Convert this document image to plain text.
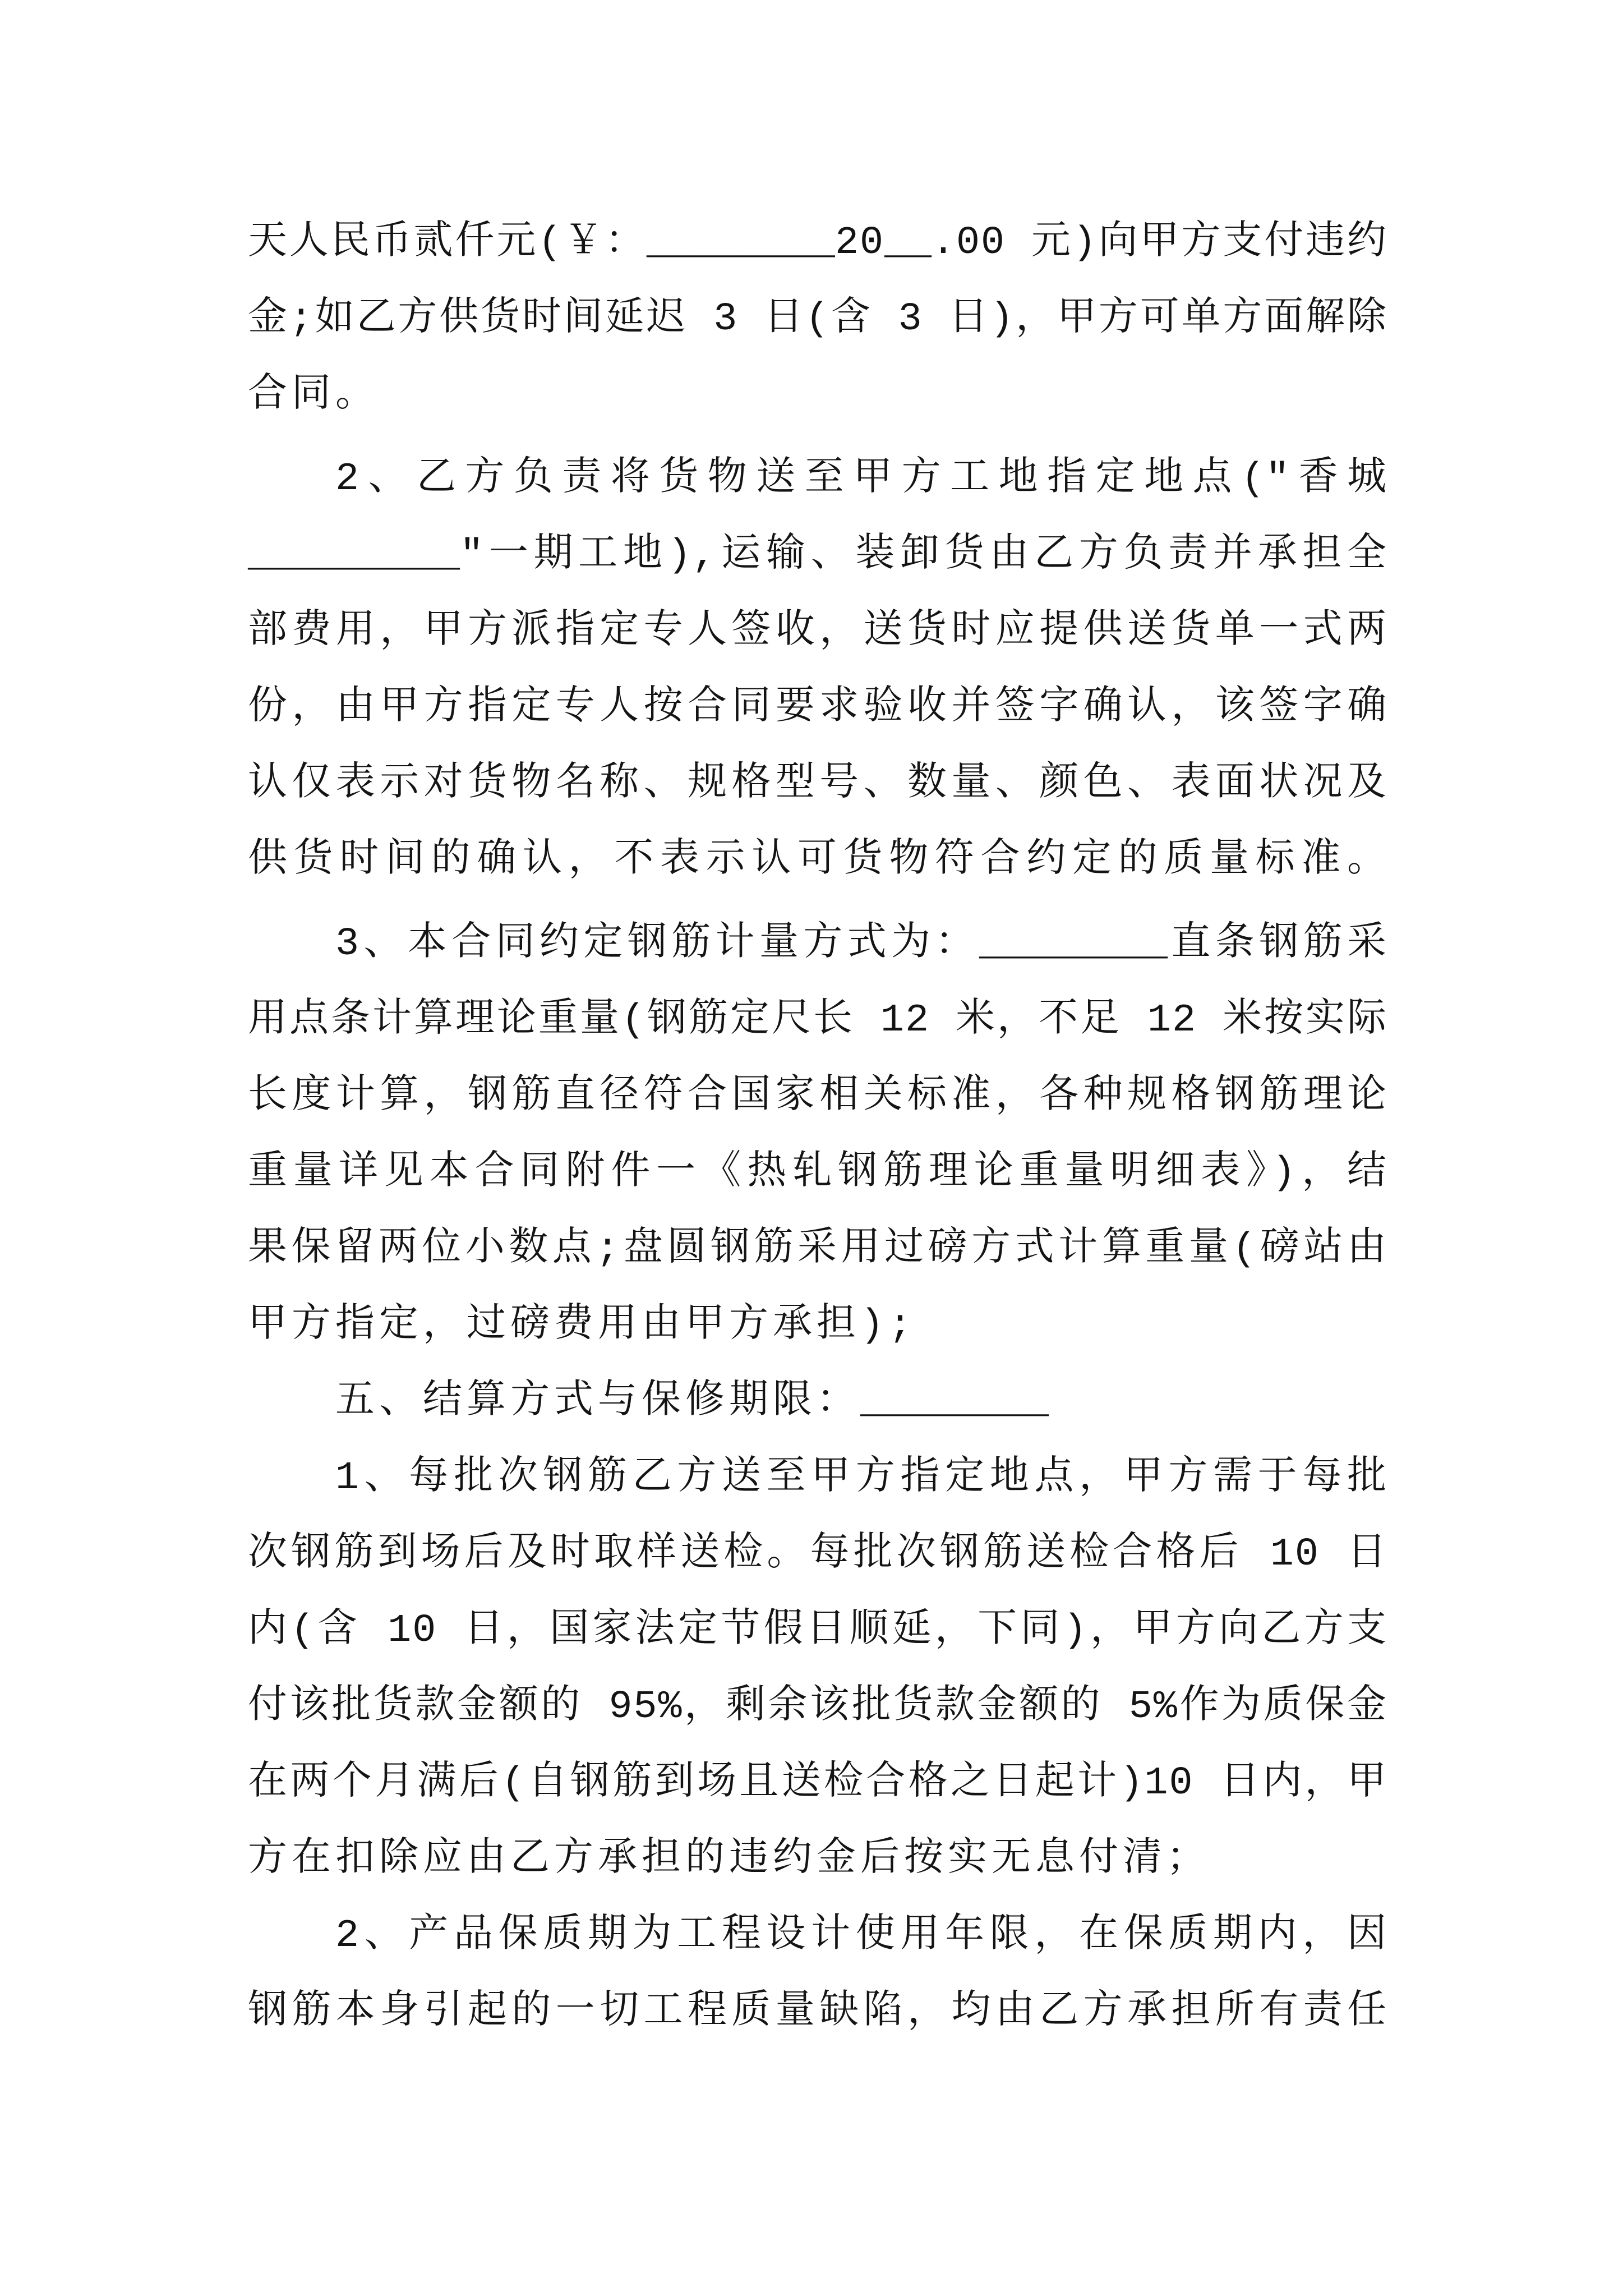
天人民币贰仟元(￥：________20__.00 元)向甲方支付违约
金;如乙方供货时间延迟 3 日(含 3 日)，甲方可单方面解除
合同。
2、乙方负责将货物送至甲方工地指定地点("香城
_________"一期工地),运输、装卸货由乙方负责并承担全
部费用，甲方派指定专人签收，送货时应提供送货单一式两
份，由甲方指定专人按合同要求验收并签字确认，该签字确
认仅表示对货物名称、规格型号、数量、颜色、表面状况及
供货时间的确认，不表示认可货物符合约定的质量标准。
3、本合同约定钢筋计量方式为：________直条钢筋采
用点条计算理论重量(钢筋定尺长 12 米，不足 12 米按实际
长度计算，钢筋直径符合国家相关标准，各种规格钢筋理论
重量详见本合同附件一《热轧钢筋理论重量明细表》)，结
果保留两位小数点;盘圆钢筋采用过磅方式计算重量(磅站由
甲方指定，过磅费用由甲方承担);
五、结算方式与保修期限：________
1、每批次钢筋乙方送至甲方指定地点，甲方需于每批
次钢筋到场后及时取样送检。每批次钢筋送检合格后 10 日
内(含 10 日，国家法定节假日顺延，下同)，甲方向乙方支
付该批货款金额的 95%，剩余该批货款金额的 5%作为质保金
在两个月满后(自钢筋到场且送检合格之日起计)10 日内，甲
方在扣除应由乙方承担的违约金后按实无息付清；
2、产品保质期为工程设计使用年限，在保质期内，因
钢筋本身引起的一切工程质量缺陷，均由乙方承担所有责任
